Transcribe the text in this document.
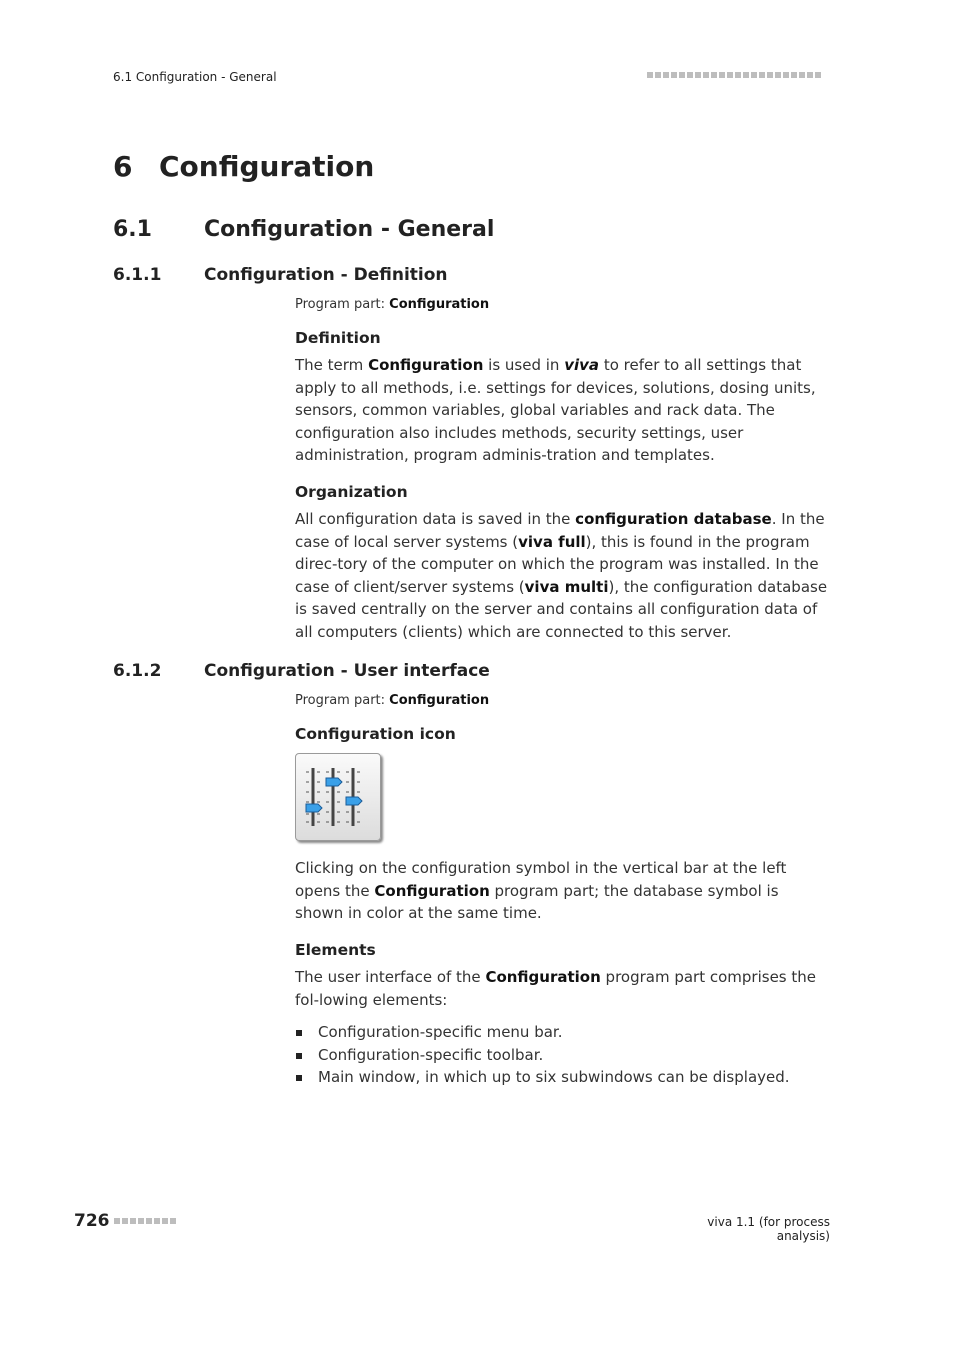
6.1 Configuration - General
6 Configuration
6.1 Configuration - General
6.1.1	Configuration - Definition
Program part: Configuration
Definition

The term Configuration is used in viva to refer to all settings that apply to all methods, i.e. settings for devices, solutions, dosing units, sensors, common variables, global variables and rack data. The configuration also includes methods, security settings, user administration, program adminis-tration and templates.

Organization

All configuration data is saved in the configuration database. In the case of local server systems (viva full), this is found in the program direc-tory of the computer on which the program was installed. In the case of client/server systems (viva multi), the configuration database is saved centrally on the server and contains all configuration data of all computers (clients) which are connected to this server.

6.1.2	Configuration - User interface
Program part: Configuration
Configuration icon

Clicking on the configuration symbol in the vertical bar at the left opens the Configuration program part; the database symbol is shown in color at the same time.

Elements

The user interface of the Configuration program part comprises the fol-lowing elements:

Configuration-specific menu bar.
Configuration-specific toolbar.
Main window, in which up to six subwindows can be displayed.
726	viva 1.1 (for process analysis)
